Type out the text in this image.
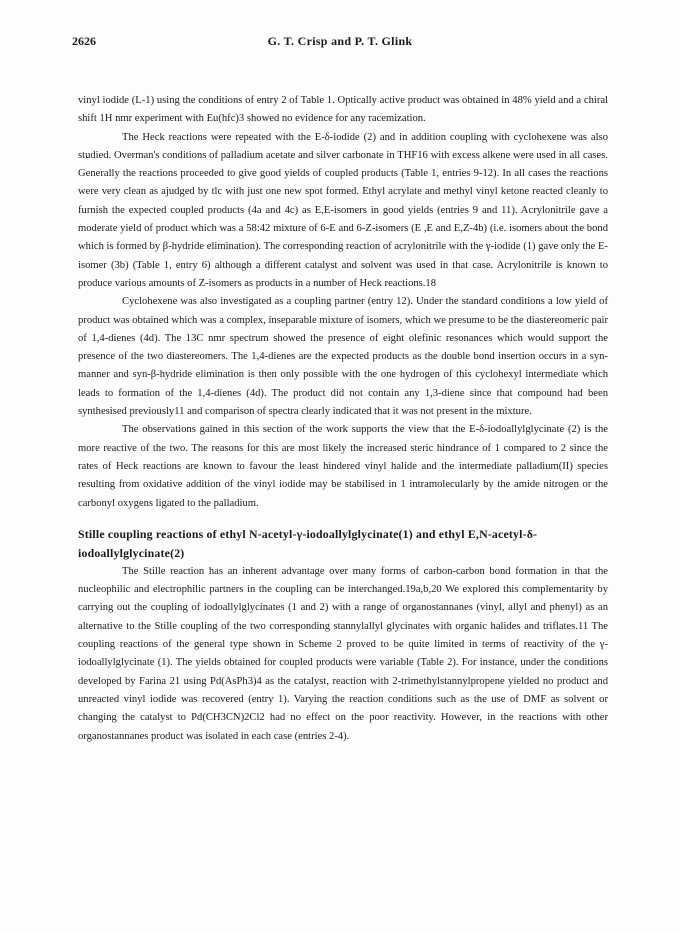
2626	G. T. Crisp and P. T. Glink

vinyl iodide (L-1) using the conditions of entry 2 of Table 1. Optically active product was obtained in 48% yield and a chiral shift 1H nmr experiment with Eu(hfc)3 showed no evidence for any racemization.

The Heck reactions were repeated with the E-δ-iodide (2) and in addition coupling with cyclohexene was also studied. Overman's conditions of palladium acetate and silver carbonate in THF16 with excess alkene were used in all cases. Generally the reactions proceeded to give good yields of coupled products (Table 1, entries 9-12). In all cases the reactions were very clean as ajudged by tlc with just one new spot formed. Ethyl acrylate and methyl vinyl ketone reacted cleanly to furnish the expected coupled products (4a and 4c) as E,E-isomers in good yields (entries 9 and 11). Acrylonitrile gave a moderate yield of product which was a 58:42 mixture of 6-E and 6-Z-isomers (E ,E and E,Z-4b) (i.e. isomers about the bond which is formed by β-hydride elimination). The corresponding reaction of acrylonitrile with the γ-iodide (1) gave only the E-isomer (3b) (Table 1, entry 6) although a different catalyst and solvent was used in that case. Acrylonitrile is known to produce various amounts of Z-isomers as products in a number of Heck reactions.18

Cyclohexene was also investigated as a coupling partner (entry 12). Under the standard conditions a low yield of product was obtained which was a complex, inseparable mixture of isomers, which we presume to be the diastereomeric pair of 1,4-dienes (4d). The 13C nmr spectrum showed the presence of eight olefinic resonances which would support the presence of the two diastereomers. The 1,4-dienes are the expected products as the double bond insertion occurs in a syn-manner and syn-β-hydride elimination is then only possible with the one hydrogen of this cyclohexyl intermediate which leads to formation of the 1,4-dienes (4d). The product did not contain any 1,3-diene since that compound had been synthesised previously11 and comparison of spectra clearly indicated that it was not present in the mixture.

The observations gained in this section of the work supports the view that the E-δ-iodoallylglycinate (2) is the more reactive of the two. The reasons for this are most likely the increased steric hindrance of 1 compared to 2 since the rates of Heck reactions are known to favour the least hindered vinyl halide and the intermediate palladium(II) species resulting from oxidative addition of the vinyl iodide may be stabilised in 1 intramolecularly by the amide nitrogen or the carbonyl oxygens ligated to the palladium.

Stille coupling reactions of ethyl N-acetyl-γ-iodoallylglycinate(1) and ethyl E,N-acetyl-δ-iodoallylglycinate(2)

The Stille reaction has an inherent advantage over many forms of carbon-carbon bond formation in that the nucleophilic and electrophilic partners in the coupling can be interchanged.19a,b,20 We explored this complementarity by carrying out the coupling of iodoallylglycinates (1 and 2) with a range of organostannanes (vinyl, allyl and phenyl) as an alternative to the Stille coupling of the two corresponding stannylallyl glycinates with organic halides and triflates.11 The coupling reactions of the general type shown in Scheme 2 proved to be quite limited in terms of reactivity of the γ-iodoallylglycinate (1). The yields obtained for coupled products were variable (Table 2). For instance, under the conditions developed by Farina 21 using Pd(AsPh3)4 as the catalyst, reaction with 2-trimethylstannylpropene yielded no product and unreacted vinyl iodide was recovered (entry 1). Varying the reaction conditions such as the use of DMF as solvent or changing the catalyst to Pd(CH3CN)2Cl2 had no effect on the poor reactivity. However, in the reactions with other organostannanes product was isolated in each case (entries 2-4).
